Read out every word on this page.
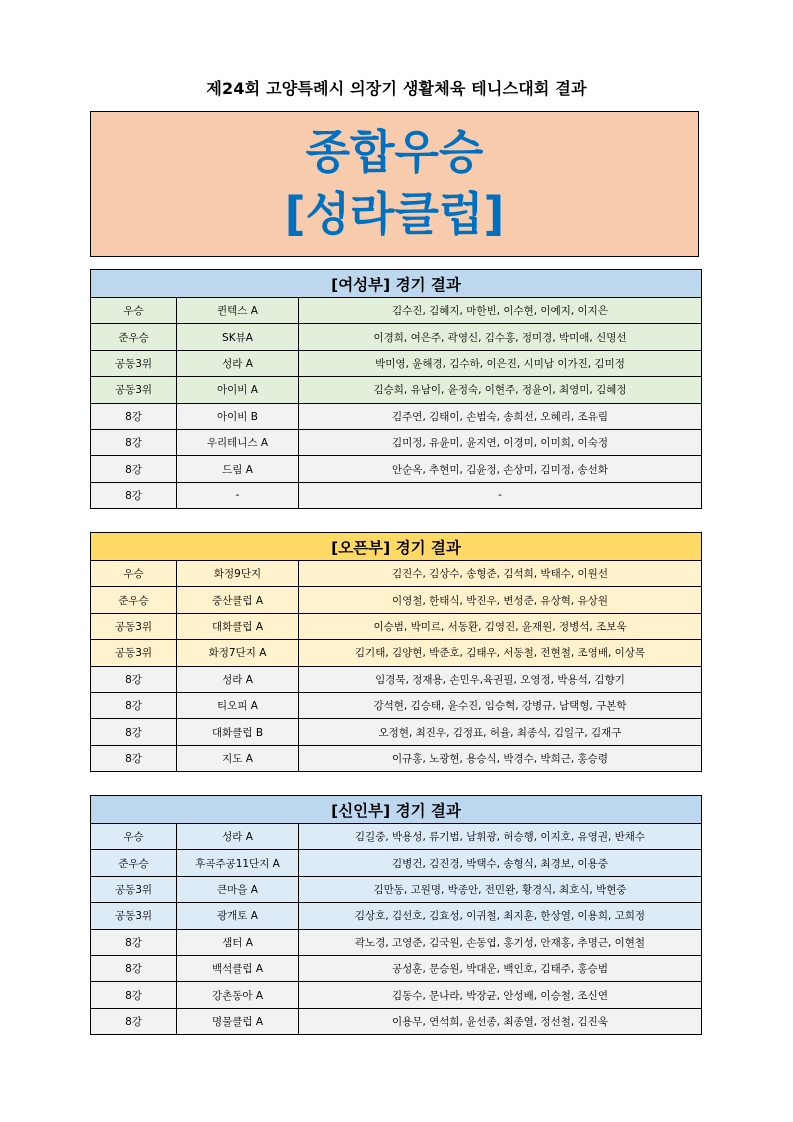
제24회 고양특례시 의장기 생활체육 테니스대회 결과
종합우승
[성라클럽]
[여성부] 경기 결과		
우승	퀸텍스 A	김수진, 김혜지, 마한빈, 이수현, 이예지, 이지은
준우승	SK뷰A	이경희, 여은주, 곽영신, 김수홍, 정미경, 박미애, 신명선
공동3위	성라 A	박미영, 윤해경, 김수하, 이은진, 시미남 이가진, 김미정
공동3위	아이비 A	김승희, 유남이, 윤정숙, 이현주, 정윤이, 최영미, 김혜정
8강	아이비 B	김주연, 김태이, 손범숙, 송희선, 오혜리, 조유림
8강	우리테니스 A	김미정, 유윤미, 윤지연, 이경미, 이미희, 이숙정
8강	드림 A	안순옥, 추현미, 김윤정, 손상미, 김미정, 송선화
8강	-	-
[오픈부] 경기 결과		
우승	화정9단지	김진수, 김상수, 송형준, 김석희, 박태수, 이원선
준우승	중산클럽 A	이영철, 한태식, 박진우, 변성준, 유상혁, 유상원
공동3위	대화클럽 A	이승범, 박미르, 서동환, 김영진, 윤재원, 정병석, 조보욱
공동3위	화정7단지 A	김기태, 김양현, 박준호, 김태우, 서동철, 전현철, 조영배, 이상목
8강	성라 A	임경묵, 정재용, 손민우,육권필, 오영정, 박용석, 김향기
8강	티오피 A	강석현, 김승태, 윤수진, 임승혁, 강병규, 남택형, 구본학
8강	대화클럽 B	오정현, 최진우, 김정표, 허율, 최종식, 김일구, 김재구
8강	지도 A	이규홍, 노광현, 용승식, 박경수, 박희근, 홍승령
[신인부] 경기 결과		
우승	성라 A	김길중, 박용성, 류기범, 남휘광, 허승행, 이지호, 유영권, 반채수
준우승	후곡주공11단지 A	김병건, 김진경, 박택수, 송형식, 최경보, 이용중
공동3위	큰마을 A	김만동, 고원명, 박종안, 전민완, 황경식, 최호식, 박현중
공동3위	광개토 A	김상호, 김선호, 김효성, 이귀철, 최지훈, 한상열, 이용희, 고희정
8강	샘터 A	곽노경, 고영준, 김국원, 손동엽, 홍기성, 안재홍, 추명근, 이현철
8강	백석클럽 A	공성훈, 문승원, 박대운, 백인호, 김태주, 홍승범
8강	강촌동아 A	김동수, 문나라, 박장균, 안성배, 이승철, 조신연
8강	명물클럽 A	이용무, 연석희, 윤선종, 최종열, 정선철, 김진욱
